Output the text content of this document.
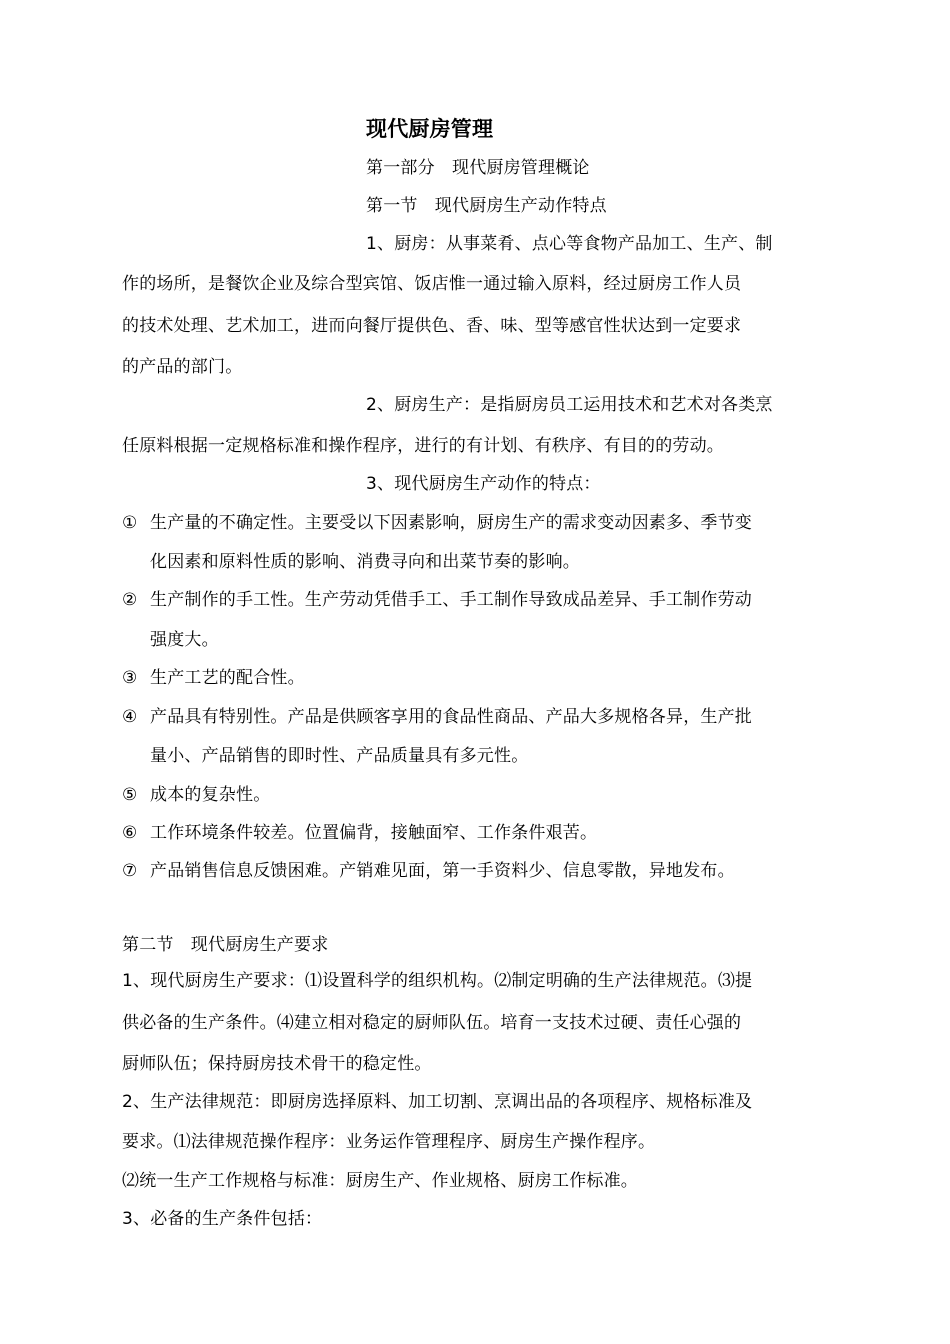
现代厨房管理
第一部分　现代厨房管理概论
第一节　现代厨房生产动作特点
1、厨房：从事菜肴、点心等食物产品加工、生产、制
作的场所，是餐饮企业及综合型宾馆、饭店惟一通过输入原料，经过厨房工作人员
的技术处理、艺术加工，进而向餐厅提供色、香、味、型等感官性状达到一定要求
的产品的部门。
2、厨房生产：是指厨房员工运用技术和艺术对各类烹
任原料根据一定规格标准和操作程序，进行的有计划、有秩序、有目的的劳动。
3、现代厨房生产动作的特点：
① 生产量的不确定性。主要受以下因素影响，厨房生产的需求变动因素多、季节变
化因素和原料性质的影响、消费寻向和出菜节奏的影响。
② 生产制作的手工性。生产劳动凭借手工、手工制作导致成品差异、手工制作劳动
强度大。
③ 生产工艺的配合性。
④ 产品具有特别性。产品是供顾客享用的食品性商品、产品大多规格各异，生产批
量小、产品销售的即时性、产品质量具有多元性。
⑤ 成本的复杂性。
⑥ 工作环境条件较差。位置偏背，接触面窄、工作条件艰苦。
⑦ 产品销售信息反馈困难。产销难见面，第一手资料少、信息零散，异地发布。
第二节　现代厨房生产要求
1、现代厨房生产要求：⑴设置科学的组织机构。⑵制定明确的生产法律规范。⑶提
供必备的生产条件。⑷建立相对稳定的厨师队伍。培育一支技术过硬、责任心强的
厨师队伍；保持厨房技术骨干的稳定性。
2、生产法律规范：即厨房选择原料、加工切割、烹调出品的各项程序、规格标准及
要求。⑴法律规范操作程序：业务运作管理程序、厨房生产操作程序。
⑵统一生产工作规格与标准：厨房生产、作业规格、厨房工作标准。
3、必备的生产条件包括：
